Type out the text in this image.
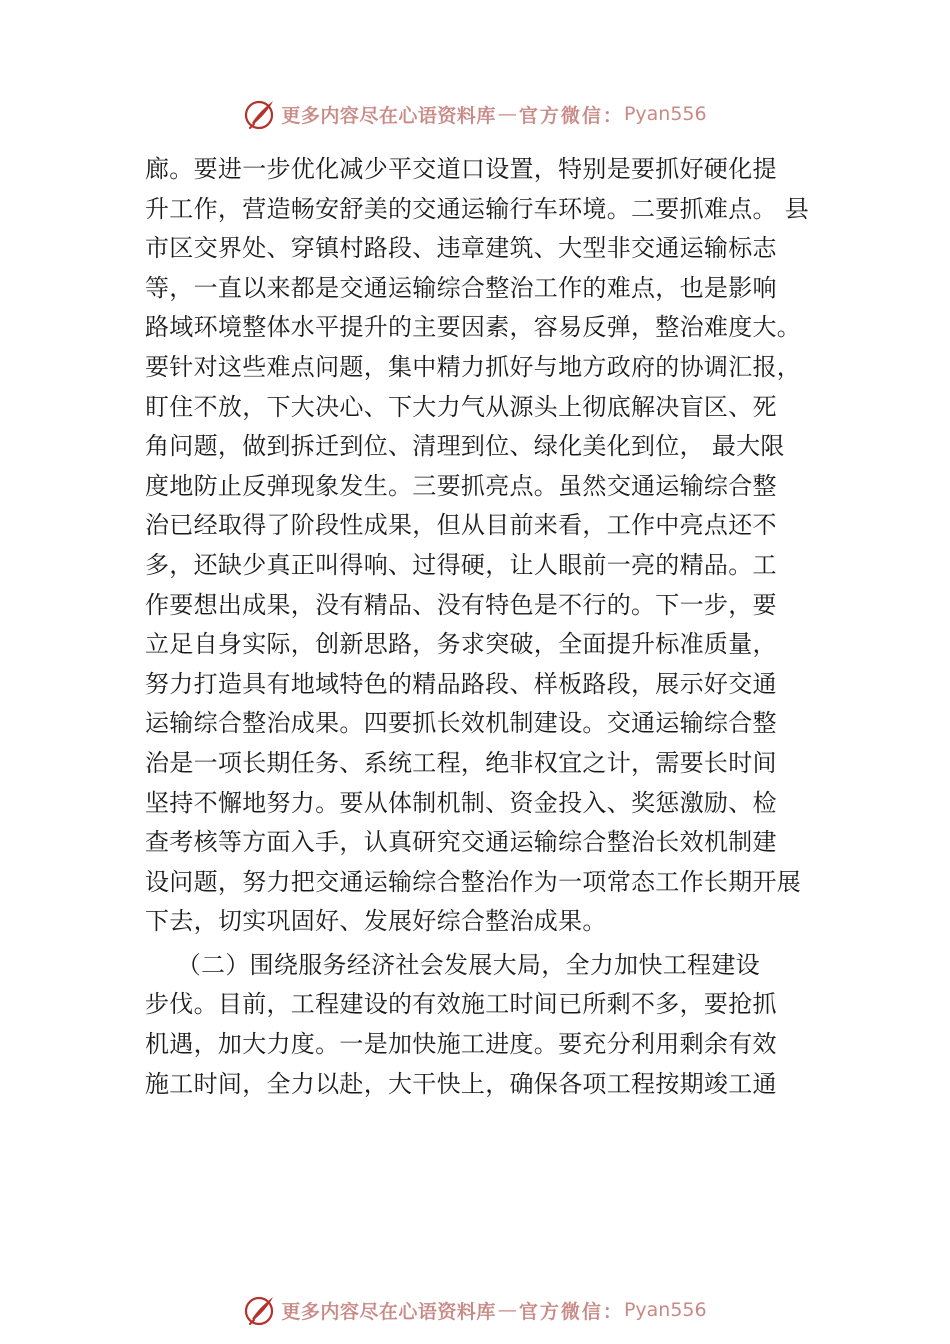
更多内容尽在心语资料库 — 官方微信： Pyan556
廊。要进一步优化减少平交道口设置，特别是要抓好硬化提
升工作，营造畅安舒美的交通运输行车环境。二要抓难点。 县
市区交界处、穿镇村路段、违章建筑、大型非交通运输标志
等，一直以来都是交通运输综合整治工作的难点，也是影响
路域环境整体水平提升的主要因素，容易反弹，整治难度大。
要针对这些难点问题，集中精力抓好与地方政府的协调汇报，
盯住不放，下大决心、下大力气从源头上彻底解决盲区、死
角问题，做到拆迁到位、清理到位、绿化美化到位， 最大限
度地防止反弹现象发生。三要抓亮点。虽然交通运输综合整
治已经取得了阶段性成果，但从目前来看，工作中亮点还不
多，还缺少真正叫得响、过得硬，让人眼前一亮的精品。工
作要想出成果，没有精品、没有特色是不行的。下一步，要
立足自身实际，创新思路，务求突破，全面提升标准质量，
努力打造具有地域特色的精品路段、样板路段，展示好交通
运输综合整治成果。四要抓长效机制建设。交通运输综合整
治是一项长期任务、系统工程，绝非权宜之计，需要长时间
坚持不懈地努力。要从体制机制、资金投入、奖惩激励、检
查考核等方面入手，认真研究交通运输综合整治长效机制建
设问题，努力把交通运输综合整治作为一项常态工作长期开展
下去，切实巩固好、发展好综合整治成果。
（二）围绕服务经济社会发展大局，全力加快工程建设
步伐。目前，工程建设的有效施工时间已所剩不多，要抢抓
机遇，加大力度。一是加快施工进度。要充分利用剩余有效
施工时间，全力以赴，大干快上，确保各项工程按期竣工通
更多内容尽在心语资料库 — 官方微信： Pyan556
